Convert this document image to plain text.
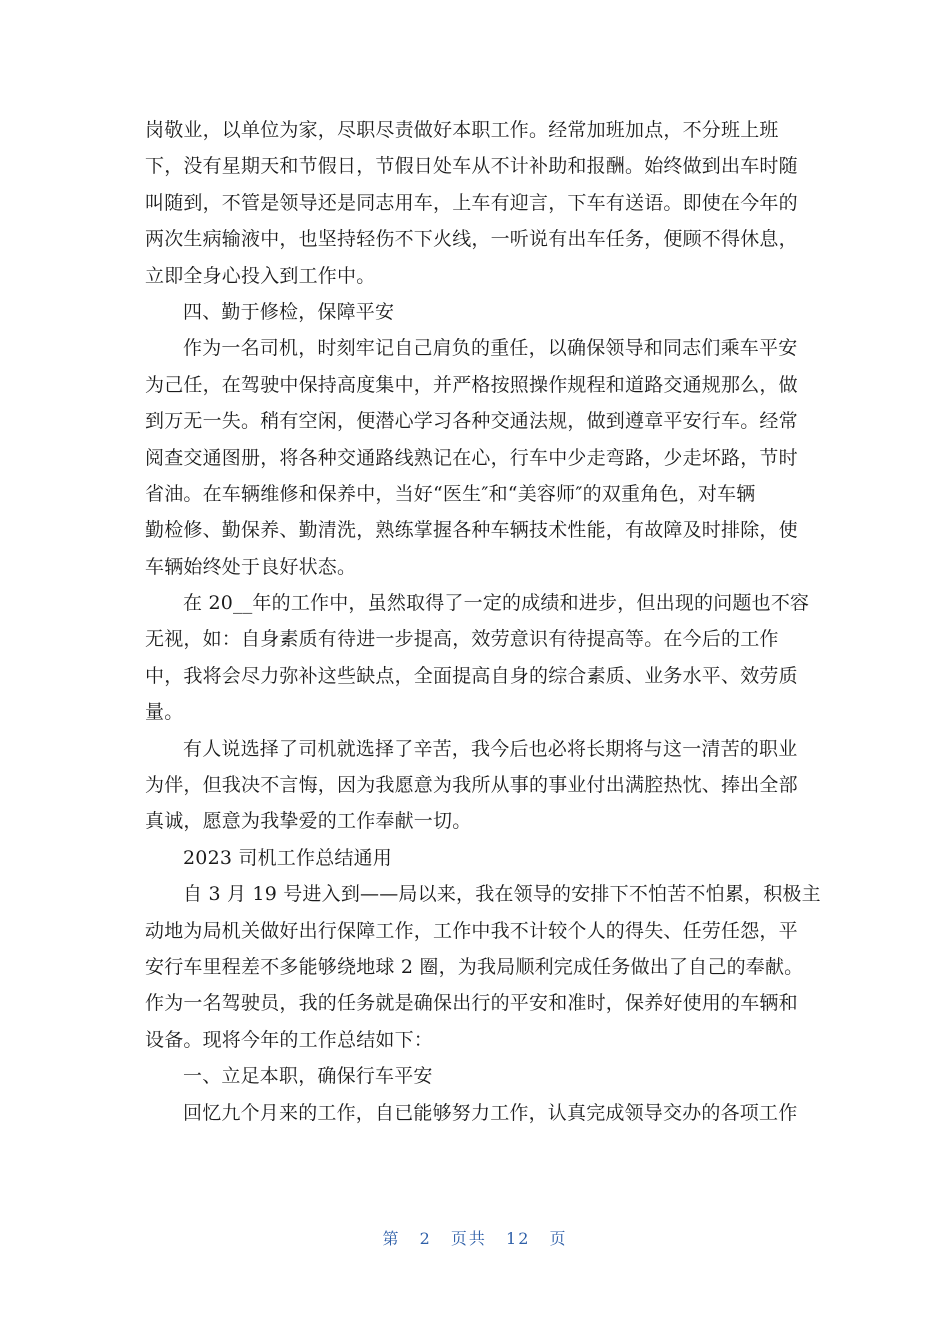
岗敬业，以单位为家，尽职尽责做好本职工作。经常加班加点，不分班上班
下，没有星期天和节假日，节假日处车从不计补助和报酬。始终做到出车时随
叫随到，不管是领导还是同志用车，上车有迎言，下车有送语。即使在今年的
两次生病输液中，也坚持轻伤不下火线，一听说有出车任务，便顾不得休息，
立即全身心投入到工作中。
四、勤于修检，保障平安
作为一名司机，时刻牢记自己肩负的重任，以确保领导和同志们乘车平安
为己任，在驾驶中保持高度集中，并严格按照操作规程和道路交通规那么，做
到万无一失。稍有空闲，便潜心学习各种交通法规，做到遵章平安行车。经常
阅查交通图册，将各种交通路线熟记在心，行车中少走弯路，少走坏路，节时
省油。在车辆维修和保养中，当好“医生″和“美容师″的双重角色，对车辆
勤检修、勤保养、勤清洗，熟练掌握各种车辆技术性能，有故障及时排除，使
车辆始终处于良好状态。
在 20__年的工作中，虽然取得了一定的成绩和进步，但出现的问题也不容
无视，如：自身素质有待进一步提高，效劳意识有待提高等。在今后的工作
中，我将会尽力弥补这些缺点，全面提高自身的综合素质、业务水平、效劳质
量。
有人说选择了司机就选择了辛苦，我今后也必将长期将与这一清苦的职业
为伴，但我决不言悔，因为我愿意为我所从事的事业付出满腔热忱、捧出全部
真诚，愿意为我挚爱的工作奉献一切。
2023 司机工作总结通用
自 3 月 19 号进入到——局以来，我在领导的安排下不怕苦不怕累，积极主
动地为局机关做好出行保障工作，工作中我不计较个人的得失、任劳任怨，平
安行车里程差不多能够绕地球 2 圈，为我局顺利完成任务做出了自己的奉献。
作为一名驾驶员，我的任务就是确保出行的平安和准时，保养好使用的车辆和
设备。现将今年的工作总结如下：
一、立足本职，确保行车平安
回忆九个月来的工作，自已能够努力工作，认真完成领导交办的各项工作
第 2 页共 12 页
